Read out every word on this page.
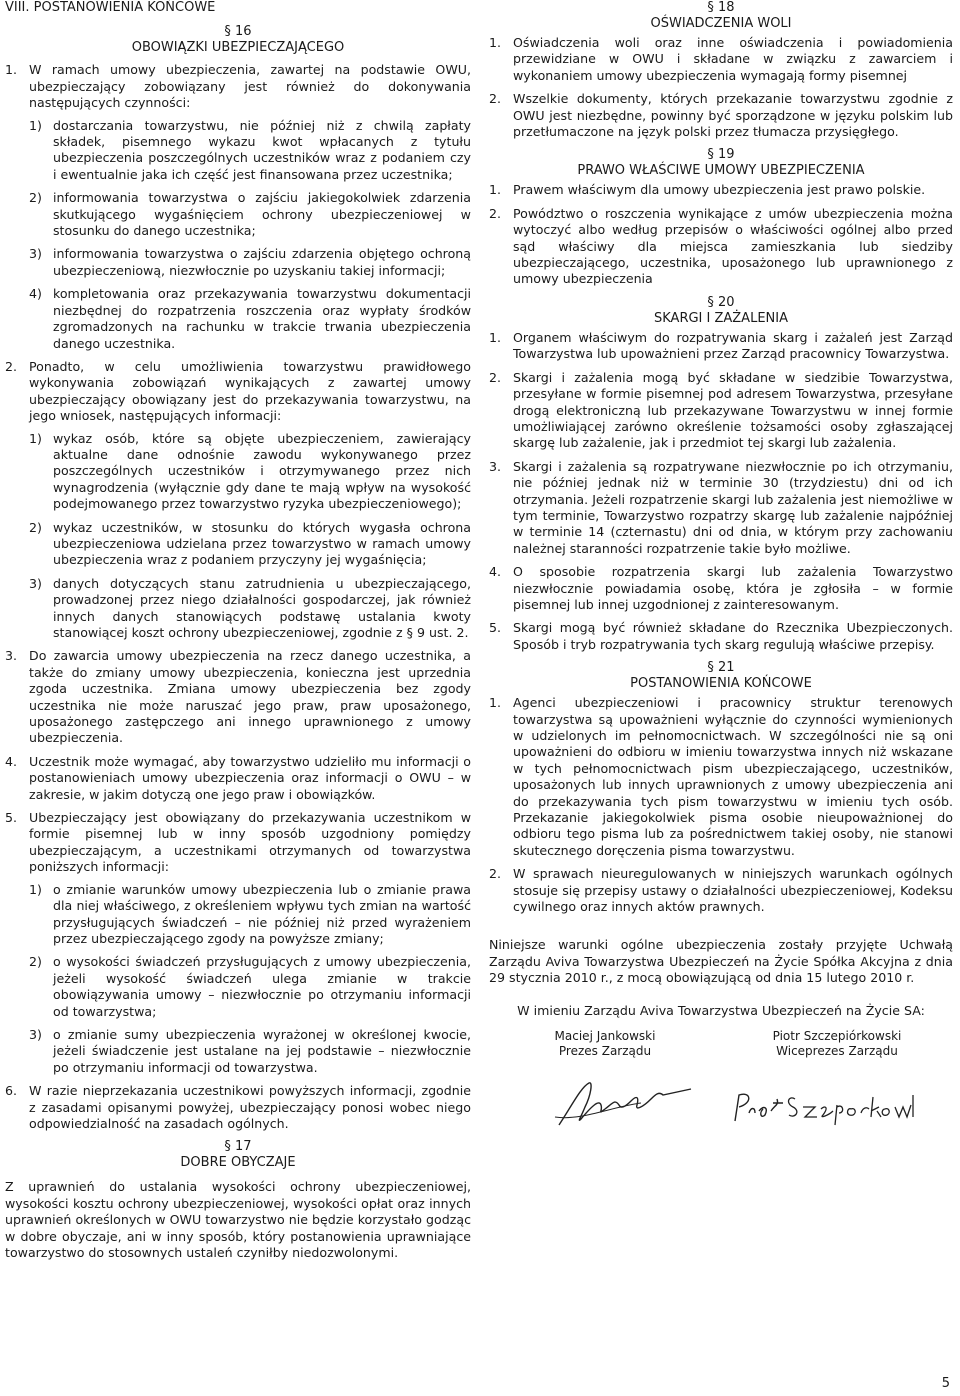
VIII. POSTANOWIENIA KOŃCOWE
§ 16
OBOWIĄZKI UBEZPIECZAJĄCEGO
1. W ramach umowy ubezpieczenia, zawartej na podstawie OWU, ubezpieczający zobowiązany jest również do dokonywania następujących czynności:
1) dostarczania towarzystwu, nie później niż z chwilą zapłaty składek, pisemnego wykazu kwot wpłacanych z tytułu ubezpieczenia poszczególnych uczestników wraz z podaniem czy i ewentualnie jaka ich część jest finansowana przez uczestnika;
2) informowania towarzystwa o zajściu jakiegokolwiek zdarzenia skutkującego wygaśnięciem ochrony ubezpieczeniowej w stosunku do danego uczestnika;
3) informowania towarzystwa o zajściu zdarzenia objętego ochroną ubezpieczeniową, niezwłocznie po uzyskaniu takiej informacji;
4) kompletowania oraz przekazywania towarzystwu dokumentacji niezbędnej do rozpatrzenia roszczenia oraz wypłaty środków zgromadzonych na rachunku w trakcie trwania ubezpieczenia danego uczestnika.
2. Ponadto, w celu umożliwienia towarzystwu prawidłowego wykonywania zobowiązań wynikających z zawartej umowy ubezpieczający obowiązany jest do przekazywania towarzystwu, na jego wniosek, następujących informacji:
1) wykaz osób, które są objęte ubezpieczeniem, zawierający aktualne dane odnośnie zawodu wykonywanego przez poszczególnych uczestników i otrzymywanego przez nich wynagrodzenia (wyłącznie gdy dane te mają wpływ na wysokość podejmowanego przez towarzystwo ryzyka ubezpieczeniowego);
2) wykaz uczestników, w stosunku do których wygasła ochrona ubezpieczeniowa udzielana przez towarzystwo w ramach umowy ubezpieczenia wraz z podaniem przyczyny jej wygaśnięcia;
3) danych dotyczących stanu zatrudnienia u ubezpieczającego, prowadzonej przez niego działalności gospodarczej, jak również innych danych stanowiących podstawę ustalania kwoty stanowiącej koszt ochrony ubezpieczeniowej, zgodnie z § 9 ust. 2.
3. Do zawarcia umowy ubezpieczenia na rzecz danego uczestnika, a także do zmiany umowy ubezpieczenia, konieczna jest uprzednia zgoda uczestnika. Zmiana umowy ubezpieczenia bez zgody uczestnika nie może naruszać jego praw, praw uposażonego, uposażonego zastępczego ani innego uprawnionego z umowy ubezpieczenia.
4. Uczestnik może wymagać, aby towarzystwo udzieliło mu informacji o postanowieniach umowy ubezpieczenia oraz informacji o OWU – w zakresie, w jakim dotyczą one jego praw i obowiązków.
5. Ubezpieczający jest obowiązany do przekazywania uczestnikom w formie pisemnej lub w inny sposób uzgodniony pomiędzy ubezpieczającym, a uczestnikami otrzymanych od towarzystwa poniższych informacji:
1) o zmianie warunków umowy ubezpieczenia lub o zmianie prawa dla niej właściwego, z określeniem wpływu tych zmian na wartość przysługujących świadczeń – nie później niż przed wyrażeniem przez ubezpieczającego zgody na powyższe zmiany;
2) o wysokości świadczeń przysługujących z umowy ubezpieczenia, jeżeli wysokość świadczeń ulega zmianie w trakcie obowiązywania umowy – niezwłocznie po otrzymaniu informacji od towarzystwa;
3) o zmianie sumy ubezpieczenia wyrażonej w określonej kwocie, jeżeli świadczenie jest ustalane na jej podstawie – niezwłocznie po otrzymaniu informacji od towarzystwa.
6. W razie nieprzekazania uczestnikowi powyższych informacji, zgodnie z zasadami opisanymi powyżej, ubezpieczający ponosi wobec niego odpowiedzialność na zasadach ogólnych.
§ 17
DOBRE OBYCZAJE
Z uprawnień do ustalania wysokości ochrony ubezpieczeniowej, wysokości kosztu ochrony ubezpieczeniowej, wysokości opłat oraz innych uprawnień określonych w OWU towarzystwo nie będzie korzystało godząc w dobre obyczaje, ani w inny sposób, który postanowienia uprawniające towarzystwo do stosownych ustaleń czyniłby niedozwolonymi.
§ 18
OŚWIADCZENIA WOLI
1. Oświadczenia woli oraz inne oświadczenia i powiadomienia przewidziane w OWU i składane w związku z zawarciem i wykonaniem umowy ubezpieczenia wymagają formy pisemnej
2. Wszelkie dokumenty, których przekazanie towarzystwu zgodnie z OWU jest niezbędne, powinny być sporządzone w języku polskim lub przetłumaczone na język polski przez tłumacza przysięgłego.
§ 19
PRAWO WŁAŚCIWE UMOWY UBEZPIECZENIA
1. Prawem właściwym dla umowy ubezpieczenia jest prawo polskie.
2. Powództwo o roszczenia wynikające z umów ubezpieczenia można wytoczyć albo według przepisów o właściwości ogólnej albo przed sąd właściwy dla miejsca zamieszkania lub siedziby ubezpieczającego, uczestnika, uposażonego lub uprawnionego z umowy ubezpieczenia
§ 20
SKARGI I ZAŻALENIA
1. Organem właściwym do rozpatrywania skarg i zażaleń jest Zarząd Towarzystwa lub upoważnieni przez Zarząd pracownicy Towarzystwa.
2. Skargi i zażalenia mogą być składane w siedzibie Towarzystwa, przesyłane w formie pisemnej pod adresem Towarzystwa, przesyłane drogą elektroniczną lub przekazywane Towarzystwu w innej formie umożliwiającej zarówno określenie tożsamości osoby zgłaszającej skargę lub zażalenie, jak i przedmiot tej skargi lub zażalenia.
3. Skargi i zażalenia są rozpatrywane niezwłocznie po ich otrzymaniu, nie później jednak niż w terminie 30 (trzydziestu) dni od ich otrzymania. Jeżeli rozpatrzenie skargi lub zażalenia jest niemożliwe w tym terminie, Towarzystwo rozpatrzy skargę lub zażalenie najpóźniej w terminie 14 (czternastu) dni od dnia, w którym przy zachowaniu należnej staranności rozpatrzenie takie było możliwe.
4. O sposobie rozpatrzenia skargi lub zażalenia Towarzystwo niezwłocznie powiadamia osobę, która je zgłosiła – w formie pisemnej lub innej uzgodnionej z zainteresowanym.
5. Skargi mogą być również składane do Rzecznika Ubezpieczonych. Sposób i tryb rozpatrywania tych skarg regulują właściwe przepisy.
§ 21
POSTANOWIENIA KOŃCOWE
1. Agenci ubezpieczeniowi i pracownicy struktur terenowych towarzystwa są upoważnieni wyłącznie do czynności wymienionych w udzielonych im pełnomocnictwach. W szczególności nie są oni upoważnieni do odbioru w imieniu towarzystwa innych niż wskazane w tych pełnomocnictwach pism ubezpieczającego, uczestników, uposażonych lub innych uprawnionych z umowy ubezpieczenia ani do przekazywania tych pism towarzystwu w imieniu tych osób. Przekazanie jakiegokolwiek pisma osobie nieupoważnionej do odbioru tego pisma lub za pośrednictwem takiej osoby, nie stanowi skutecznego doręczenia pisma towarzystwu.
2. W sprawach nieuregulowanych w niniejszych warunkach ogólnych stosuje się przepisy ustawy o działalności ubezpieczeniowej, Kodeksu cywilnego oraz innych aktów prawnych.
Niniejsze warunki ogólne ubezpieczenia zostały przyjęte Uchwałą Zarządu Aviva Towarzystwa Ubezpieczeń na Życie Spółka Akcyjna z dnia 29 stycznia 2010 r., z mocą obowiązującą od dnia 15 lutego 2010 r.
W imieniu Zarządu Aviva Towarzystwa Ubezpieczeń na Życie SA:
Maciej Jankowski
Prezes Zarządu
Piotr Szczepiórkowski
Wiceprezes Zarządu
5
